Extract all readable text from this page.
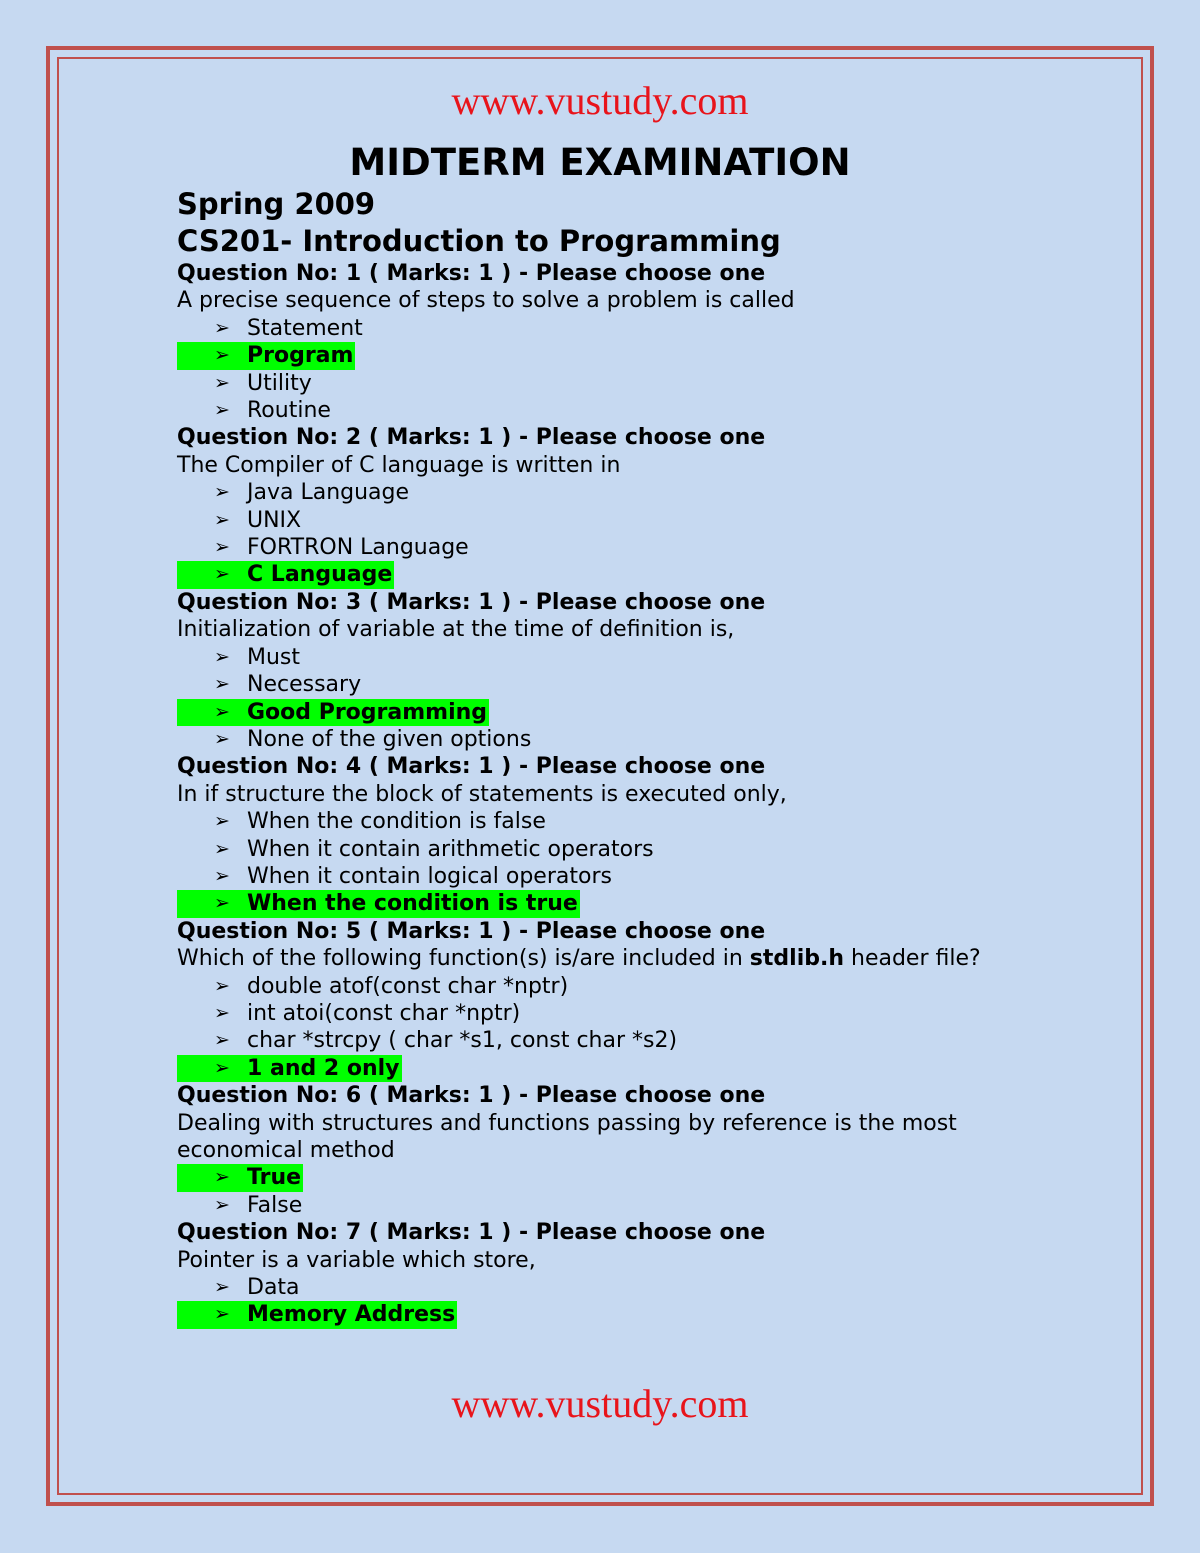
www.vustudy.com
MIDTERM EXAMINATION
Spring 2009
CS201- Introduction to Programming
Question No: 1 ( Marks: 1 ) - Please choose one
A precise sequence of steps to solve a problem is called
➢ Statement
➢ Program
➢ Utility
➢ Routine
Question No: 2 ( Marks: 1 ) - Please choose one
The Compiler of C language is written in
➢ Java Language
➢ UNIX
➢ FORTRON Language
➢ C Language
Question No: 3 ( Marks: 1 ) - Please choose one
Initialization of variable at the time of definition is,
➢ Must
➢ Necessary
➢ Good Programming
➢ None of the given options
Question No: 4 ( Marks: 1 ) - Please choose one
In if structure the block of statements is executed only,
➢ When the condition is false
➢ When it contain arithmetic operators
➢ When it contain logical operators
➢ When the condition is true
Question No: 5 ( Marks: 1 ) - Please choose one
Which of the following function(s) is/are included in stdlib.h header file?
➢ double atof(const char *nptr)
➢ int atoi(const char *nptr)
➢ char *strcpy ( char *s1, const char *s2)
➢ 1 and 2 only
Question No: 6 ( Marks: 1 ) - Please choose one
Dealing with structures and functions passing by reference is the most economical method
➢ True
➢ False
Question No: 7 ( Marks: 1 ) - Please choose one
Pointer is a variable which store,
➢ Data
➢ Memory Address
www.vustudy.com
